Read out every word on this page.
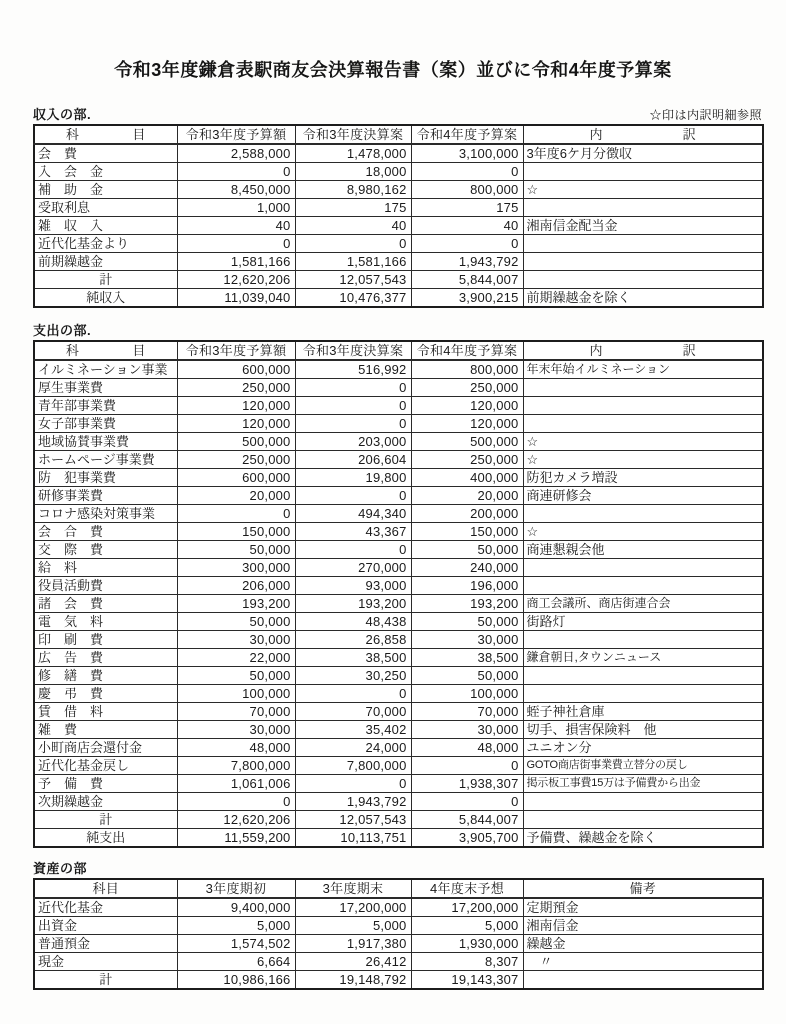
令和3年度鎌倉表駅商友会決算報告書（案）並びに令和4年度予算案
収入の部.	☆印は内訳明細参照
科　　　　目	令和3年度予算額	令和3年度決算案	令和4年度予算案	内　　　　　　訳
会　費	2,588,000	1,478,000	3,100,000	3年度6ケ月分徴収
入　会　金	0	18,000	0	
補　助　金	8,450,000	8,980,162	800,000	☆
受取利息	1,000	175	175	
雑　収　入	40	40	40	湘南信金配当金
近代化基金より	0	0	0	
前期繰越金	1,581,166	1,581,166	1,943,792	
計	12,620,206	12,057,543	5,844,007	
純収入	11,039,040	10,476,377	3,900,215	前期繰越金を除く
支出の部.
科　　　　目	令和3年度予算額	令和3年度決算案	令和4年度予算案	内　　　　　　訳
イルミネーション事業	600,000	516,992	800,000	年末年始イルミネーション
厚生事業費	250,000	0	250,000	
青年部事業費	120,000	0	120,000	
女子部事業費	120,000	0	120,000	
地域協賛事業費	500,000	203,000	500,000	☆
ホームページ事業費	250,000	206,604	250,000	☆
防　犯事業費	600,000	19,800	400,000	防犯カメラ増設
研修事業費	20,000	0	20,000	商連研修会
コロナ感染対策事業	0	494,340	200,000	
会　合　費	150,000	43,367	150,000	☆
交　際　費	50,000	0	50,000	商連懇親会他
給　料	300,000	270,000	240,000	
役員活動費	206,000	93,000	196,000	
諸　会　費	193,200	193,200	193,200	商工会議所、商店街連合会
電　気　料	50,000	48,438	50,000	街路灯
印　刷　費	30,000	26,858	30,000	
広　告　費	22,000	38,500	38,500	鎌倉朝日,タウンニュース
修　繕　費	50,000	30,250	50,000	
慶　弔　費	100,000	0	100,000	
賃　借　料	70,000	70,000	70,000	蛭子神社倉庫
雑　費	30,000	35,402	30,000	切手、損害保険料　他
小町商店会還付金	48,000	24,000	48,000	ユニオン分
近代化基金戻し	7,800,000	7,800,000	0	GOTO商店街事業費立替分の戻し
予　備　費	1,061,006	0	1,938,307	掲示板工事費15万は予備費から出金
次期繰越金	0	1,943,792	0	
計	12,620,206	12,057,543	5,844,007	
純支出	11,559,200	10,113,751	3,905,700	予備費、繰越金を除く
資産の部
科目	3年度期初	3年度期末	4年度末予想	備考
近代化基金	9,400,000	17,200,000	17,200,000	定期預金
出資金	5,000	5,000	5,000	湘南信金
普通預金	1,574,502	1,917,380	1,930,000	繰越金
現金	6,664	26,412	8,307	　〃
計	10,986,166	19,148,792	19,143,307	
